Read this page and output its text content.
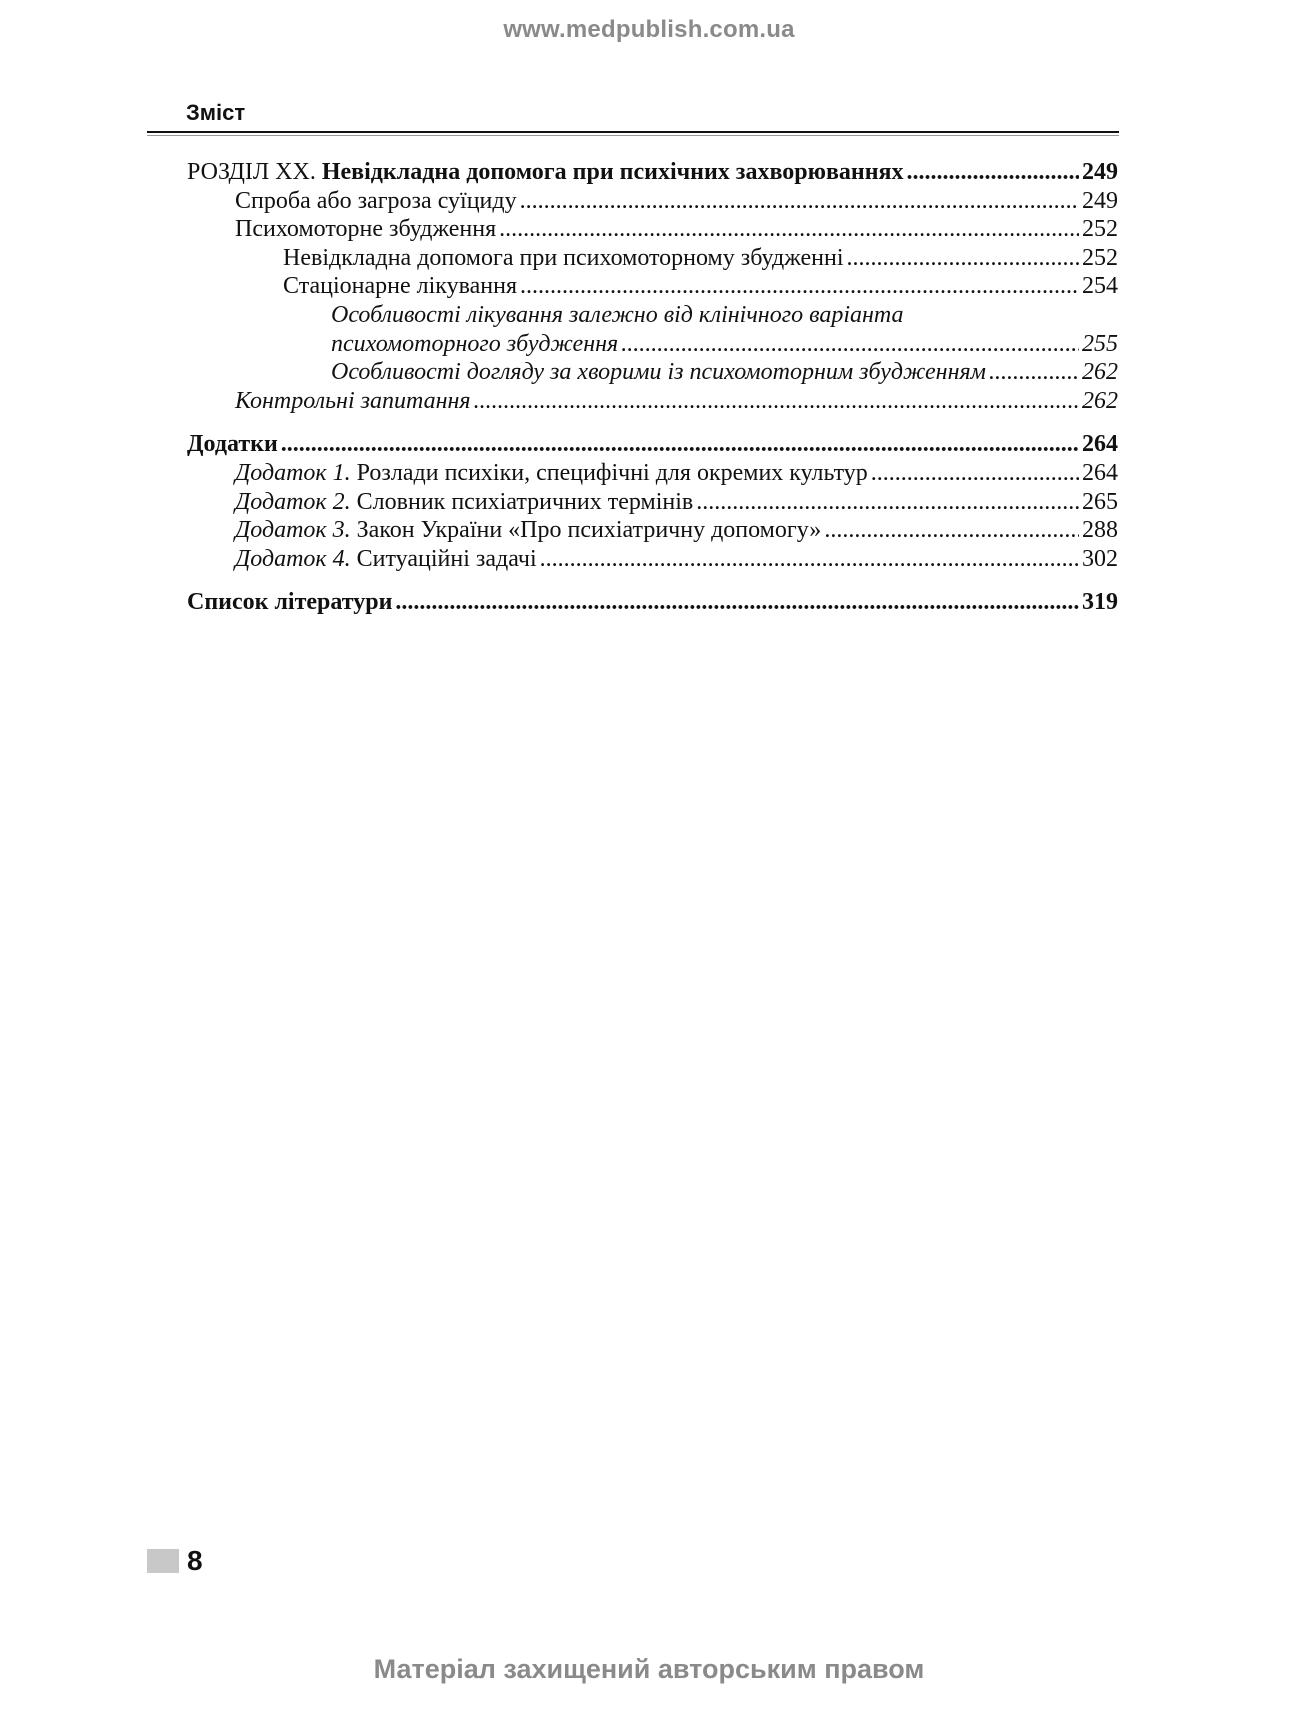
www.medpublish.com.ua
Зміст
РОЗДІЛ XX. Невідкладна допомога при психічних захворюваннях . . .	249
Спроба або загроза суїциду . . .	249
Психомоторне збудження . . .	252
Невідкладна допомога при психомоторному збудженні . . .	252
Стаціонарне лікування . . .	254
Особливості лікування залежно від клінічного варіанта
психомоторного збудження . . .	255
Особливості догляду за хворими із психомоторним збудженням . . .	262
Контрольні запитання . . .	262
Додатки . . .	264
Додаток 1. Розлади психіки, специфічні для окремих культур . . .	264
Додаток 2. Словник психіатричних термінів . . .	265
Додаток 3. Закон України «Про психіатричну допомогу» . . .	288
Додаток 4. Ситуаційні задачі . . .	302
Список літератури . . .	319
8
Матеріал захищений авторським правом
